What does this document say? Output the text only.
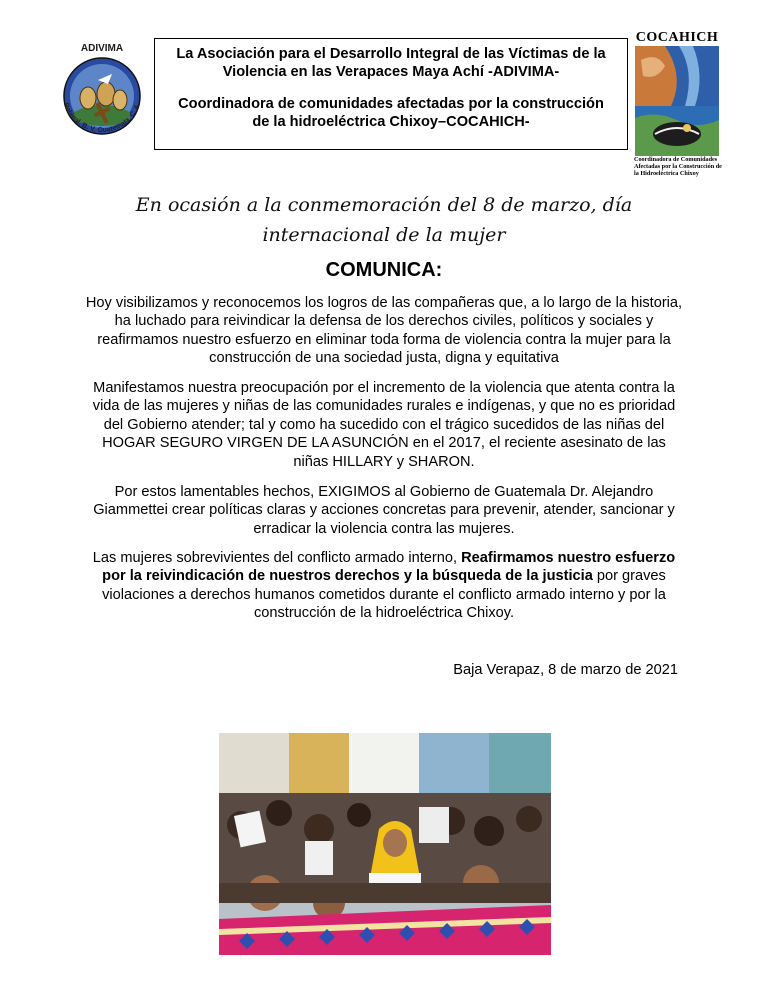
ADIVIMA
Rabinal, B. V. Guatemala, C. A.
La Asociación para el Desarrollo Integral de las Víctimas de la Violencia en las Verapaces Maya Achí -ADIVIMA-
Coordinadora de comunidades afectadas por la construcción de la hidroeléctrica Chixoy–COCAHICH-
COCAHICH
Coordinadora de Comunidades Afectadas por la Construcción de la Hidroeléctrica Chixoy
En ocasión a la conmemoración del 8 de marzo, día
internacional de la mujer
COMUNICA:

Hoy visibilizamos y reconocemos los logros de las compañeras que, a lo largo de la historia, ha luchado para reivindicar la defensa de los derechos civiles, políticos y sociales y reafirmamos nuestro esfuerzo en eliminar toda forma de violencia contra la mujer para la construcción de una sociedad justa, digna y equitativa

Manifestamos nuestra preocupación por el incremento de la violencia que atenta contra la vida de las mujeres y niñas de las comunidades rurales e indígenas, y que no es prioridad del Gobierno atender; tal y como ha sucedido con el trágico sucedidos de las niñas del HOGAR SEGURO VIRGEN DE LA ASUNCIÓN en el 2017, el reciente asesinato de las niñas HILLARY y SHARON.

Por estos lamentables hechos, EXIGIMOS al Gobierno de Guatemala Dr. Alejandro Giammettei crear políticas claras y acciones concretas para prevenir, atender, sancionar y erradicar la violencia contra las mujeres.

Las mujeres sobrevivientes del conflicto armado interno, Reafirmamos nuestro esfuerzo por la reivindicación de nuestros derechos y la búsqueda de la justicia por graves violaciones a derechos humanos cometidos durante el conflicto armado interno y por la construcción de la hidroeléctrica Chixoy.

Baja Verapaz, 8 de marzo de 2021
